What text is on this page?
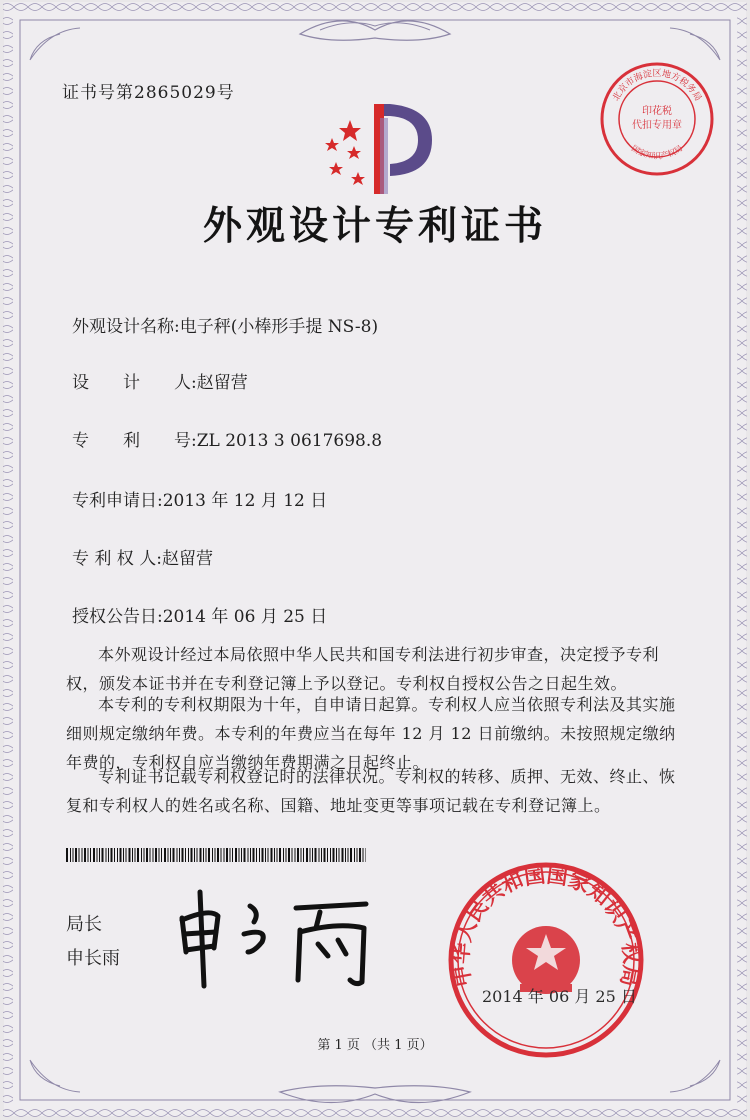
证书号第2865029号	北京市海淀区地方税务局
印花税
代扣专用章
国家知识产权局
外观设计专利证书
外观设计名称:电子秤(小棒形手提 NS-8)
设　　计　　人:赵留营
专　　利　　号:ZL 2013 3 0617698.8
专利申请日:2013 年 12 月 12 日
专 利 权 人:赵留营
授权公告日:2014 年 06 月 25 日
本外观设计经过本局依照中华人民共和国专利法进行初步审查，决定授予专利权，颁发本证书并在专利登记簿上予以登记。专利权自授权公告之日起生效。
本专利的专利权期限为十年，自申请日起算。专利权人应当依照专利法及其实施细则规定缴纳年费。本专利的年费应当在每年 12 月 12 日前缴纳。未按照规定缴纳年费的，专利权自应当缴纳年费期满之日起终止。
专利证书记载专利权登记时的法律状况。专利权的转移、质押、无效、终止、恢复和专利权人的姓名或名称、国籍、地址变更等事项记载在专利登记簿上。
局长
申长雨
中华人民共和国国家知识产权局
2014 年 06 月 25 日
第 1 页 （共 1 页）
